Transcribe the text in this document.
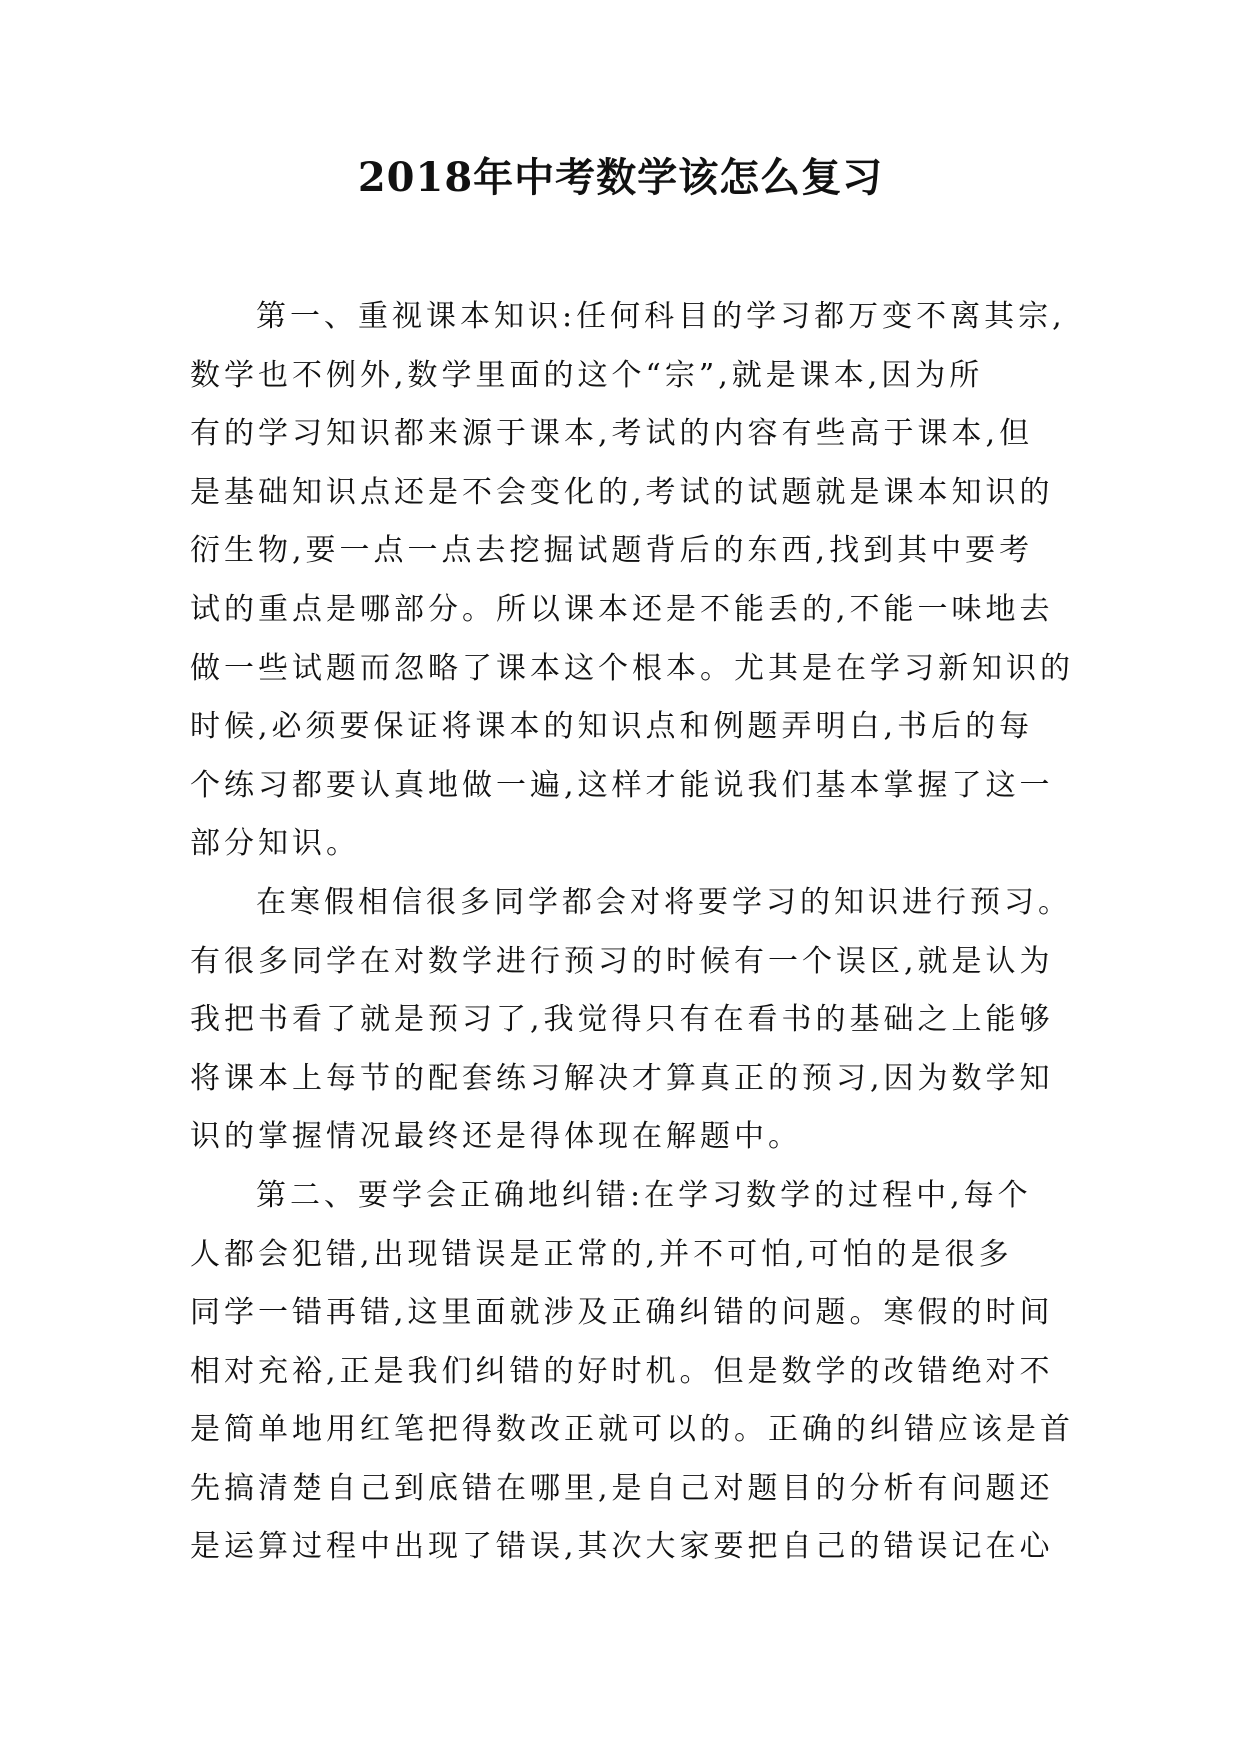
2018年中考数学该怎么复习
第一、重视课本知识:任何科目的学习都万变不离其宗,
数学也不例外,数学里面的这个“宗”,就是课本,因为所
有的学习知识都来源于课本,考试的内容有些高于课本,但
是基础知识点还是不会变化的,考试的试题就是课本知识的
衍生物,要一点一点去挖掘试题背后的东西,找到其中要考
试的重点是哪部分。所以课本还是不能丢的,不能一味地去
做一些试题而忽略了课本这个根本。尤其是在学习新知识的
时候,必须要保证将课本的知识点和例题弄明白,书后的每
个练习都要认真地做一遍,这样才能说我们基本掌握了这一
部分知识。
在寒假相信很多同学都会对将要学习的知识进行预习。
有很多同学在对数学进行预习的时候有一个误区,就是认为
我把书看了就是预习了,我觉得只有在看书的基础之上能够
将课本上每节的配套练习解决才算真正的预习,因为数学知
识的掌握情况最终还是得体现在解题中。
第二、要学会正确地纠错:在学习数学的过程中,每个
人都会犯错,出现错误是正常的,并不可怕,可怕的是很多
同学一错再错,这里面就涉及正确纠错的问题。寒假的时间
相对充裕,正是我们纠错的好时机。但是数学的改错绝对不
是简单地用红笔把得数改正就可以的。正确的纠错应该是首
先搞清楚自己到底错在哪里,是自己对题目的分析有问题还
是运算过程中出现了错误,其次大家要把自己的错误记在心
